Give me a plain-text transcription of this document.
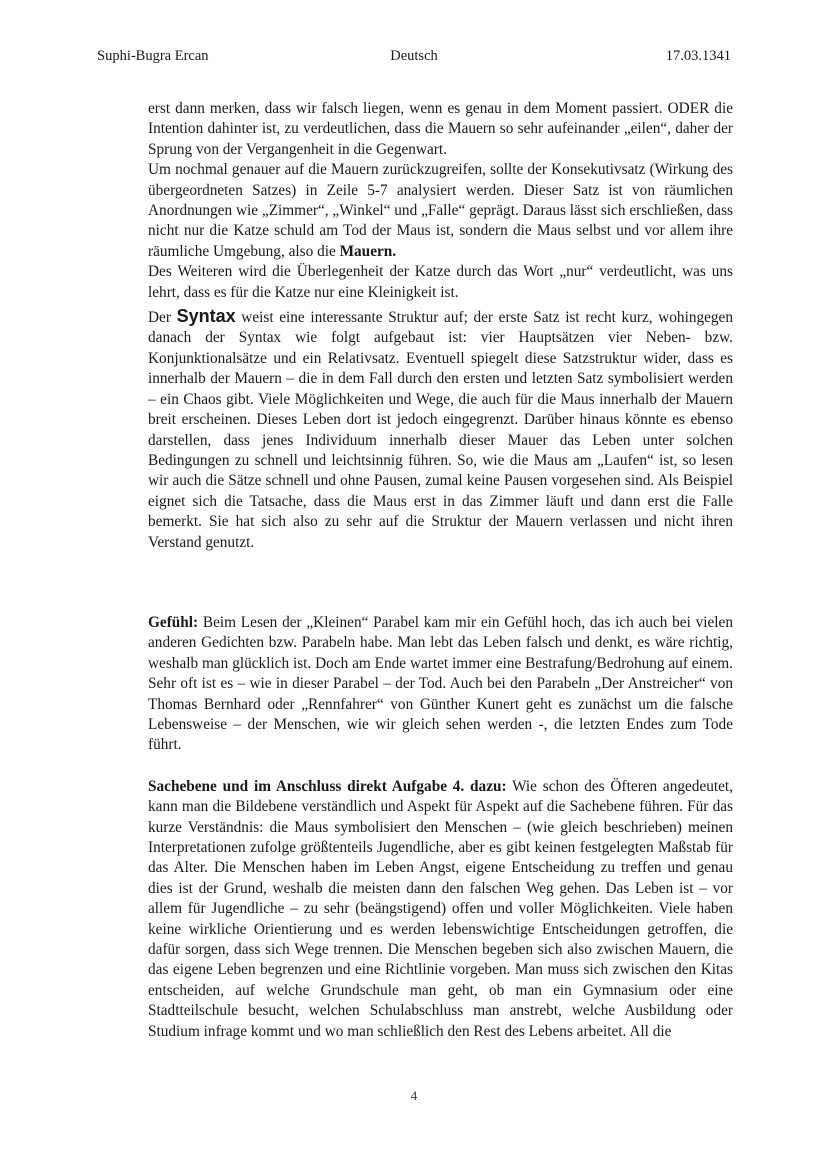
Suphi-Bugra Ercan	Deutsch	17.03.1341

erst dann merken, dass wir falsch liegen, wenn es genau in dem Moment passiert. ODER die Intention dahinter ist, zu verdeutlichen, dass die Mauern so sehr aufeinander „eilen“, daher der Sprung von der Vergangenheit in die Gegenwart.

Um nochmal genauer auf die Mauern zurückzugreifen, sollte der Konsekutivsatz (Wirkung des übergeordneten Satzes) in Zeile 5-7 analysiert werden. Dieser Satz ist von räumlichen Anordnungen wie „Zimmer“, „Winkel“ und „Falle“ geprägt. Daraus lässt sich erschließen, dass nicht nur die Katze schuld am Tod der Maus ist, sondern die Maus selbst und vor allem ihre räumliche Umgebung, also die Mauern.

Des Weiteren wird die Überlegenheit der Katze durch das Wort „nur“ verdeutlicht, was uns lehrt, dass es für die Katze nur eine Kleinigkeit ist.

Der Syntax weist eine interessante Struktur auf; der erste Satz ist recht kurz, wohingegen danach der Syntax wie folgt aufgebaut ist: vier Hauptsätzen vier Neben- bzw. Konjunktionalsätze und ein Relativsatz. Eventuell spiegelt diese Satzstruktur wider, dass es innerhalb der Mauern – die in dem Fall durch den ersten und letzten Satz symbolisiert werden – ein Chaos gibt. Viele Möglichkeiten und Wege, die auch für die Maus innerhalb der Mauern breit erscheinen. Dieses Leben dort ist jedoch eingegrenzt. Darüber hinaus könnte es ebenso darstellen, dass jenes Individuum innerhalb dieser Mauer das Leben unter solchen Bedingungen zu schnell und leichtsinnig führen. So, wie die Maus am „Laufen“ ist, so lesen wir auch die Sätze schnell und ohne Pausen, zumal keine Pausen vorgesehen sind. Als Beispiel eignet sich die Tatsache, dass die Maus erst in das Zimmer läuft und dann erst die Falle bemerkt. Sie hat sich also zu sehr auf die Struktur der Mauern verlassen und nicht ihren Verstand genutzt.

Gefühl: Beim Lesen der „Kleinen“ Parabel kam mir ein Gefühl hoch, das ich auch bei vielen anderen Gedichten bzw. Parabeln habe. Man lebt das Leben falsch und denkt, es wäre richtig, weshalb man glücklich ist. Doch am Ende wartet immer eine Bestrafung/Bedrohung auf einem. Sehr oft ist es – wie in dieser Parabel – der Tod. Auch bei den Parabeln „Der Anstreicher“ von Thomas Bernhard oder „Rennfahrer“ von Günther Kunert geht es zunächst um die falsche Lebensweise – der Menschen, wie wir gleich sehen werden -, die letzten Endes zum Tode führt.

Sachebene und im Anschluss direkt Aufgabe 4. dazu: Wie schon des Öfteren angedeutet, kann man die Bildebene verständlich und Aspekt für Aspekt auf die Sachebene führen. Für das kurze Verständnis: die Maus symbolisiert den Menschen – (wie gleich beschrieben) meinen Interpretationen zufolge größtenteils Jugendliche, aber es gibt keinen festgelegten Maßstab für das Alter. Die Menschen haben im Leben Angst, eigene Entscheidung zu treffen und genau dies ist der Grund, weshalb die meisten dann den falschen Weg gehen. Das Leben ist – vor allem für Jugendliche – zu sehr (beängstigend) offen und voller Möglichkeiten. Viele haben keine wirkliche Orientierung und es werden lebenswichtige Entscheidungen getroffen, die dafür sorgen, dass sich Wege trennen. Die Menschen begeben sich also zwischen Mauern, die das eigene Leben begrenzen und eine Richtlinie vorgeben. Man muss sich zwischen den Kitas entscheiden, auf welche Grundschule man geht, ob man ein Gymnasium oder eine Stadtteilschule besucht, welchen Schulabschluss man anstrebt, welche Ausbildung oder Studium infrage kommt und wo man schließlich den Rest des Lebens arbeitet. All die

4
